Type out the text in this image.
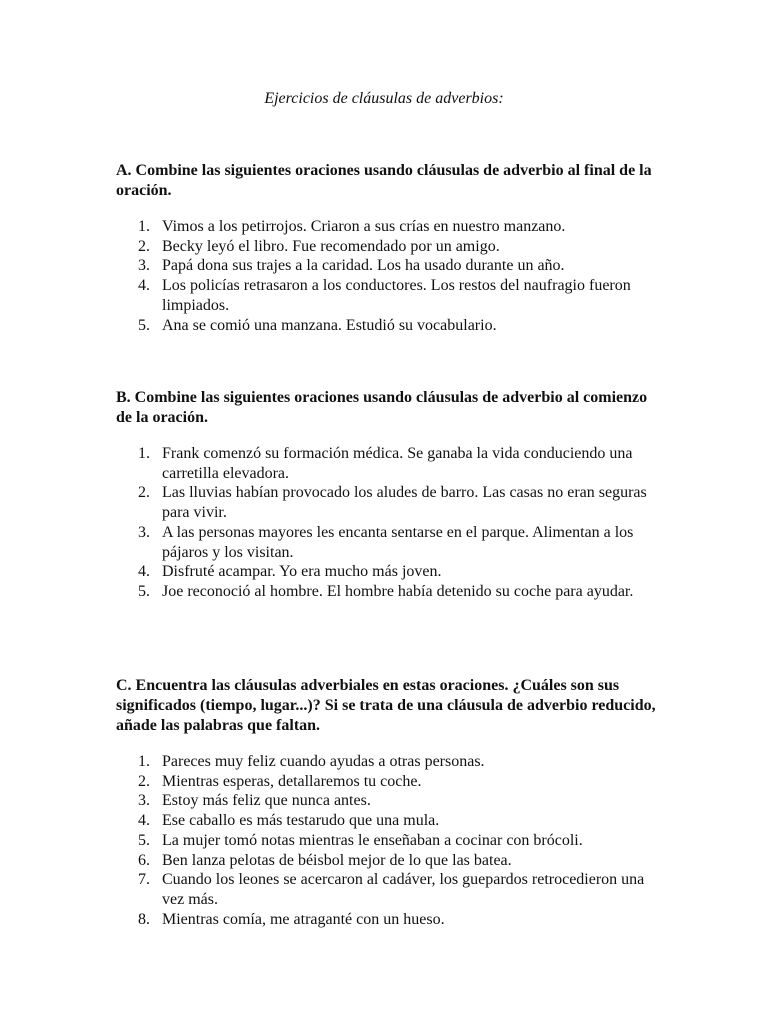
Ejercicios de cláusulas de adverbios:

A. Combine las siguientes oraciones usando cláusulas de adverbio al final de la oración.

1. Vimos a los petirrojos. Criaron a sus crías en nuestro manzano.
2. Becky leyó el libro. Fue recomendado por un amigo.
3. Papá dona sus trajes a la caridad. Los ha usado durante un año.
4. Los policías retrasaron a los conductores. Los restos del naufragio fueron limpiados.
5. Ana se comió una manzana. Estudió su vocabulario.

B. Combine las siguientes oraciones usando cláusulas de adverbio al comienzo de la oración.

1. Frank comenzó su formación médica. Se ganaba la vida conduciendo una carretilla elevadora.
2. Las lluvias habían provocado los aludes de barro. Las casas no eran seguras para vivir.
3. A las personas mayores les encanta sentarse en el parque. Alimentan a los pájaros y los visitan.
4. Disfruté acampar. Yo era mucho más joven.
5. Joe reconoció al hombre. El hombre había detenido su coche para ayudar.

C. Encuentra las cláusulas adverbiales en estas oraciones. ¿Cuáles son sus significados (tiempo, lugar...)? Si se trata de una cláusula de adverbio reducido, añade las palabras que faltan.

1. Pareces muy feliz cuando ayudas a otras personas.
2. Mientras esperas, detallaremos tu coche.
3. Estoy más feliz que nunca antes.
4. Ese caballo es más testarudo que una mula.
5. La mujer tomó notas mientras le enseñaban a cocinar con brócoli.
6. Ben lanza pelotas de béisbol mejor de lo que las batea.
7. Cuando los leones se acercaron al cadáver, los guepardos retrocedieron una vez más.
8. Mientras comía, me atraganté con un hueso.
